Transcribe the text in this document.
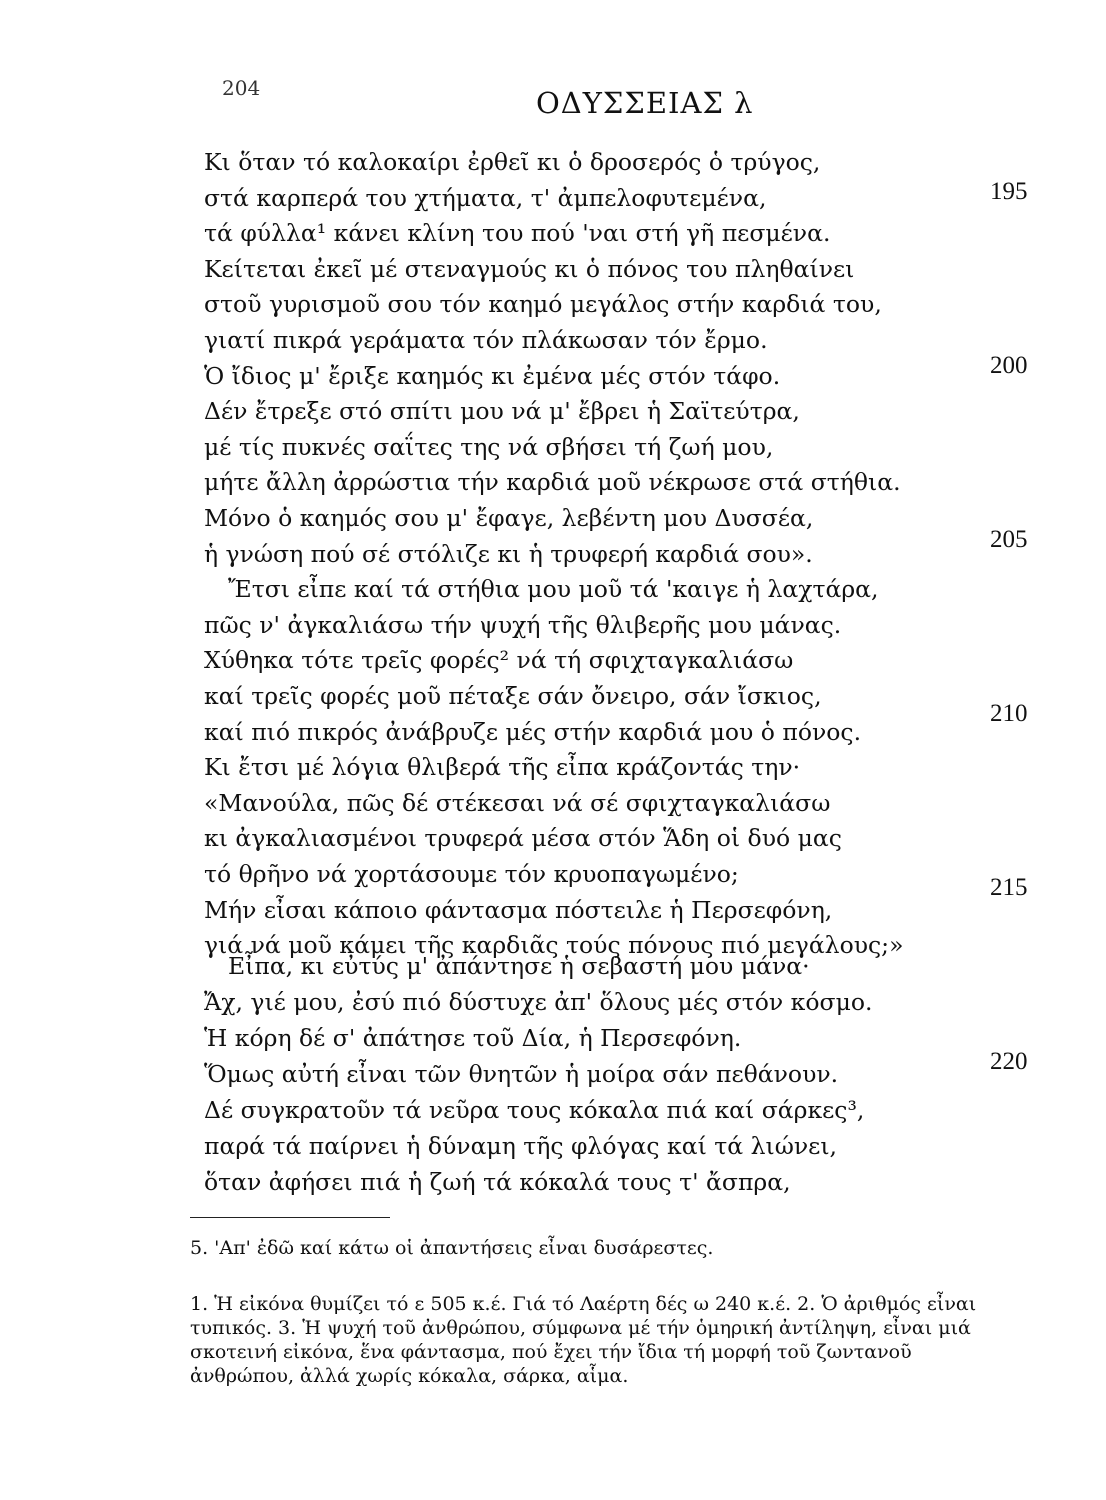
204	ΟΔΥΣΣΕΙΑΣ λ
Κι ὅταν τό καλοκαίρι ἐρθεῖ κι ὁ δροσερός ὁ τρύγος,
στά καρπερά του χτήματα, τ' ἀμπελοφυτεμένα,
τά φύλλα¹ κάνει κλίνη του πού 'ναι στή γῆ πεσμένα.
Κείτεται ἐκεῖ μέ στεναγμούς κι ὁ πόνος του πληθαίνει
στοῦ γυρισμοῦ σου τόν καημό μεγάλος στήν καρδιά του,
γιατί πικρά γεράματα τόν πλάκωσαν τόν ἔρμο.
Ὁ ἴδιος μ' ἔριξε καημός κι ἐμένα μές στόν τάφο.
Δέν ἔτρεξε στό σπίτι μου νά μ' ἔβρει ἡ Σαϊτεύτρα,
μέ τίς πυκνές σαΐτες της νά σβήσει τή ζωή μου,
μήτε ἄλλη ἀρρώστια τήν καρδιά μοῦ νέκρωσε στά στήθια.
Μόνο ὁ καημός σου μ' ἔφαγε, λεβέντη μου Δυσσέα,
ἡ γνώση πού σέ στόλιζε κι ἡ τρυφερή καρδιά σου».
Ἔτσι εἶπε καί τά στήθια μου μοῦ τά 'καιγε ἡ λαχτάρα,
πῶς ν' ἀγκαλιάσω τήν ψυχή τῆς θλιβερῆς μου μάνας.
Χύθηκα τότε τρεῖς φορές² νά τή σφιχταγκαλιάσω
καί τρεῖς φορές μοῦ πέταξε σάν ὄνειρο, σάν ἴσκιος,
καί πιό πικρός ἀνάβρυζε μές στήν καρδιά μου ὁ πόνος.
Κι ἔτσι μέ λόγια θλιβερά τῆς εἶπα κράζοντάς την·
«Μανούλα, πῶς δέ στέκεσαι νά σέ σφιχταγκαλιάσω
κι ἀγκαλιασμένοι τρυφερά μέσα στόν Ἅδη οἱ δυό μας
τό θρῆνο νά χορτάσουμε τόν κρυοπαγωμένο;
Μήν εἶσαι κάποιο φάντασμα πόστειλε ἡ Περσεφόνη,
γιά νά μοῦ κάμει τῆς καρδιᾶς τούς πόνους πιό μεγάλους;»
Εἶπα, κι εὐτύς μ' ἀπάντησε ἡ σεβαστή μου μάνα·
Ἄχ, γιέ μου, ἐσύ πιό δύστυχε ἀπ' ὅλους μές στόν κόσμο.
Ἡ κόρη δέ σ' ἀπάτησε τοῦ Δία, ἡ Περσεφόνη.
Ὅμως αὐτή εἶναι τῶν θνητῶν ἡ μοίρα σάν πεθάνουν.
Δέ συγκρατοῦν τά νεῦρα τους κόκαλα πιά καί σάρκες³,
παρά τά παίρνει ἡ δύναμη τῆς φλόγας καί τά λιώνει,
ὅταν ἀφήσει πιά ἡ ζωή τά κόκαλά τους τ' ἄσπρα,
195
200
205
210
215
220
5. 'Απ' ἐδῶ καί κάτω οἱ ἀπαντήσεις εἶναι δυσάρεστες.
1. Ἡ εἰκόνα θυμίζει τό ε 505 κ.έ. Γιά τό Λαέρτη δές ω 240 κ.έ. 2. Ὁ ἀριθμός εἶναι τυπικός. 3. Ἡ ψυχή τοῦ ἀνθρώπου, σύμφωνα μέ τήν ὁμηρική ἀντίληψη, εἶναι μιά σκοτεινή εἰκόνα, ἕνα φάντασμα, πού ἔχει τήν ἴδια τή μορφή τοῦ ζωντανοῦ ἀνθρώπου, ἀλλά χωρίς κόκαλα, σάρκα, αἷμα.
